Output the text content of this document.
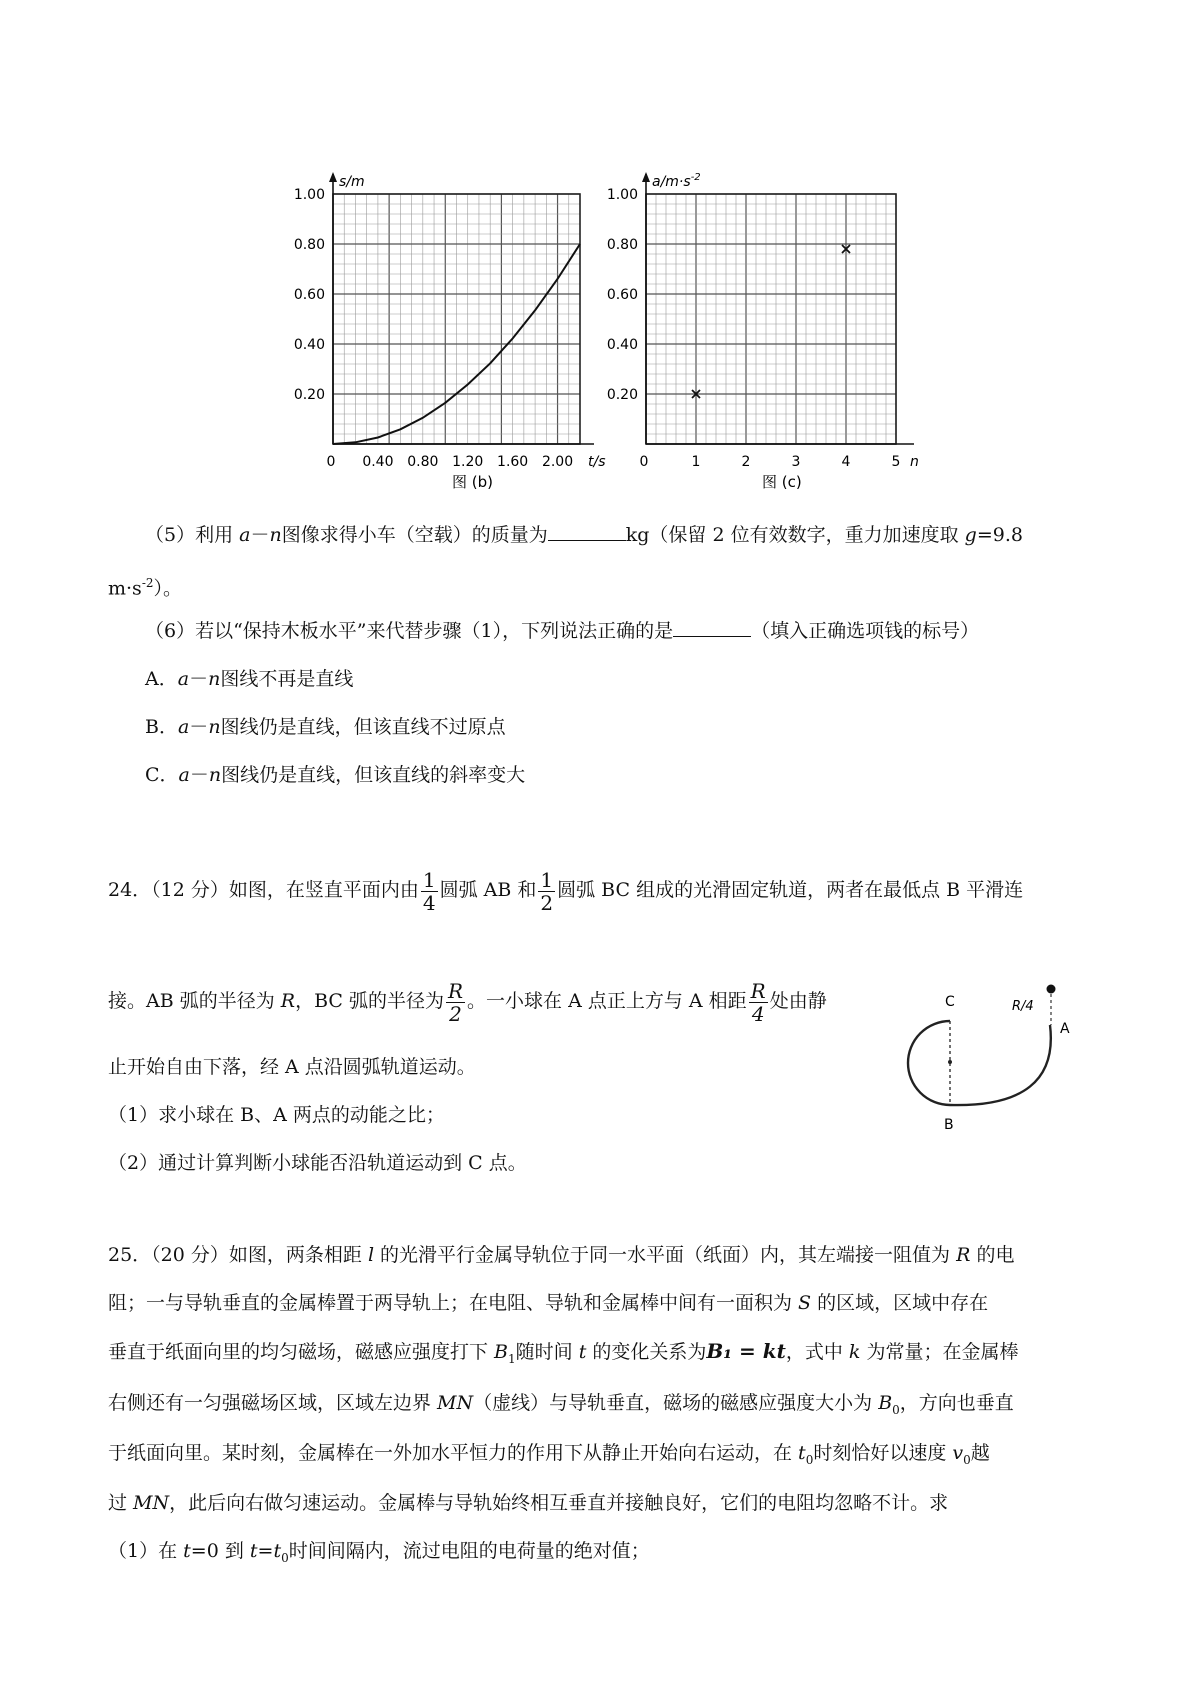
0.20
0.40
0.60
0.80
1.00
0 0.40 0.80 1.20 1.60 2.00
s/m
t/s
0.20
0.40
0.60
0.80
1.00
0	1	2	3	4	5
$a/m\cdot s^{-2}$
n
图 (b)	图 (c)
（5）利用 a－n图像求得小车（空载）的质量为	kg（保留 2 位有效数字，重力加速度取 g=9.8
$m\cdot s^{-2}$）。
（6）若以“保持木板水平”来代替步骤（1），下列说法正确的是	（填入正确选项钱的标号）
A．a－n图线不再是直线
B．a－n图线仍是直线，但该直线不过原点
C．a－n图线仍是直线，但该直线的斜率变大
24．（12 分）如图，在竖直平面内由 $\frac{1}{4}$ 圆弧 AB 和 $\frac{1}{2}$ 圆弧 BC 组成的光滑固定轨道，两者在最低点 B 平滑连
接。AB 弧的半径为 R，BC 弧的半径为 $\frac{R}{2}$ 。一小球在 A 点正上方与 A 相距 $\frac{R}{4}$ 处由静
止开始自由下落，经 A 点沿圆弧轨道运动。
（1）求小球在 B、A 两点的动能之比；
（2）通过计算判断小球能否沿轨道运动到 C 点。
C
A
B
R/4
25．（20 分）如图，两条相距 l 的光滑平行金属导轨位于同一水平面（纸面）内，其左端接一阻值为 R 的电
阻；一与导轨垂直的金属棒置于两导轨上；在电阻、导轨和金属棒中间有一面积为 S 的区域，区域中存在
垂直于纸面向里的均匀磁场，磁感应强度打下 $B_1$随时间 t 的变化关系为B₁ = kt，式中 k 为常量；在金属棒
右侧还有一匀强磁场区域，区域左边界 MN（虚线）与导轨垂直，磁场的磁感应强度大小为 $B_0$，方向也垂直
于纸面向里。某时刻，金属棒在一外加水平恒力的作用下从静止开始向右运动，在 $t_0$时刻恰好以速度 $v_0$越
过 MN，此后向右做匀速运动。金属棒与导轨始终相互垂直并接触良好，它们的电阻均忽略不计。求
（1）在 t=0 到 $t=t_0$时间间隔内，流过电阻的电荷量的绝对值；
